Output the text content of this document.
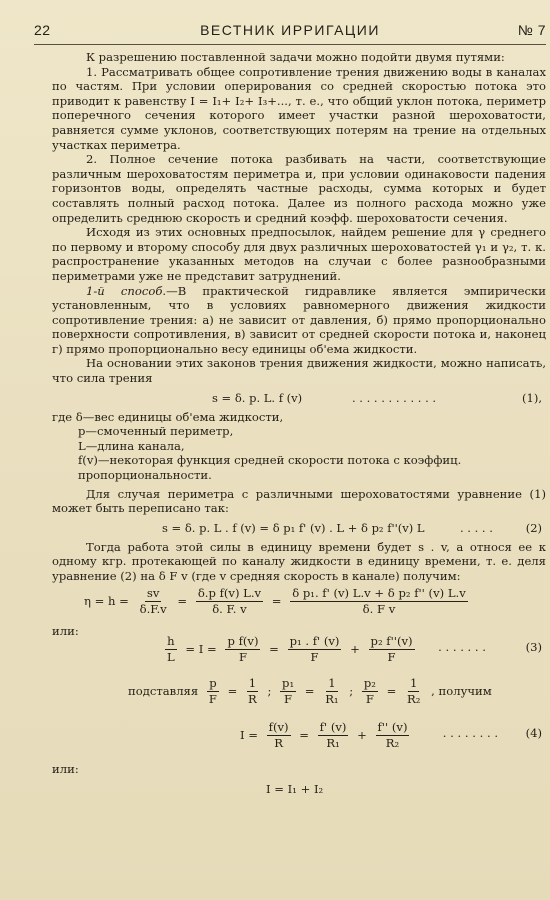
22	ВЕСТНИК ИРРИГАЦИИ	№ 7

К разрешению поставленной задачи можно подойти двумя путями:

1. Рассматривать общее сопротивление трения движению воды в каналах по частям. При условии оперирования со средней скоростью потока это приводит к равенству I = I₁+ I₂+ I₃+..., т. е., что общий уклон потока, периметр поперечного сечения которого имеет участки разной шероховатости, равняется сумме уклонов, соответствующих потерям на трение на отдельных участках периметра.

2. Полное сечение потока разбивать на части, соответствующие различным шероховатостям периметра и, при условии одинаковости падения горизонтов воды, определять частные расходы, сумма которых и будет составлять полный расход потока. Далее из полного расхода можно уже определить среднюю скорость и средний коэфф. шероховатости сечения.

Исходя из этих основных предпосылок, найдем решение для γ среднего по первому и второму способу для двух различных шероховатостей γ₁ и γ₂, т. к. распространение указанных методов на случаи с более разнообразными периметрами уже не представит затруднений.

1-й способ.—В практической гидравлике является эмпирически установленным, что в условиях равномерного движения жидкости сопротивление трения: а) не зависит от давления, б) прямо пропорционально поверхности сопротивления, в) зависит от средней скорости потока и, наконец г) прямо пропорционально весу единицы об'ема жидкости.

На основании этих законов трения движения жидкости, можно написать, что сила трения

s = δ. p. L. f (v)	. . . . . . . . . . . .	(1),
где δ—вес единицы об'ема жидкости,
p—смоченный периметр,
L—длина канала,
f(v)—некоторая функция средней скорости потока с коэффиц. пропорциональности.

Для случая периметра с различными шероховатостями уравнение (1) может быть переписано так:

s = δ. p. L . f (v) = δ p₁ f' (v) . L + δ p₂ f''(v) L	. . . . .	(2)

Тогда работа этой силы в единицу времени будет s . v, а относя ее к одному кгр. протекающей по каналу жидкости в единицу времени, т. е. деля уравнение (2) на δ F v (где v средняя скорость в канале) получим:

$\eta = h = \frac{sv}{\delta.F.v} = \frac{\text{δ.p f(v) L.v}}{\delta. F. v} = \frac{\text{δ p₁. f' (v) L.v + δ p₂ f'' (v) L.v}}{\text{δ. F v}}$
или:
$\frac{h}{L} = I = \frac{\text{p f(v)}}{F} = \frac{\text{p₁ . f' (v)}}{F} + \frac{\text{p₂ f''(v)}}{F}$ . . . . . . .	(3)
подставляя $\frac{p}{F} = \frac{1}{R}$ ; $\frac{\text{p₁}}{F} = \frac{1}{\text{R₁}}$ ; $\frac{\text{p₂}}{F} = \frac{1}{\text{R₂}}$ , получим
$I = \frac{f(v)}{R} = \frac{f' (v)}{\text{R₁}} + \frac{f'' (v)}{\text{R₂}}$	. . . . . . . . (4)
или:
I = I₁ + I₂
